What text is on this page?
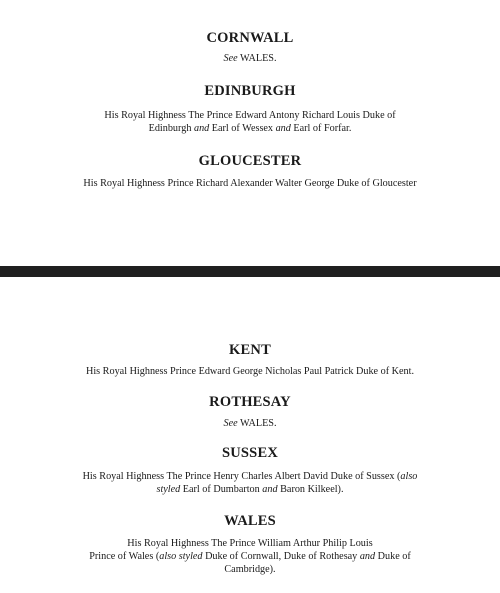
CORNWALL
See WALES.
EDINBURGH
His Royal Highness The Prince Edward Antony Richard Louis Duke of
Edinburgh and Earl of Wessex and Earl of Forfar.
GLOUCESTER
His Royal Highness Prince Richard Alexander Walter George Duke of Gloucester
KENT
His Royal Highness Prince Edward George Nicholas Paul Patrick Duke of Kent.
ROTHESAY
See WALES.
SUSSEX
His Royal Highness The Prince Henry Charles Albert David Duke of Sussex (also
styled Earl of Dumbarton and Baron Kilkeel).
WALES
His Royal Highness The Prince William Arthur Philip Louis
Prince of Wales (also styled Duke of Cornwall, Duke of Rothesay and Duke of
Cambridge).
